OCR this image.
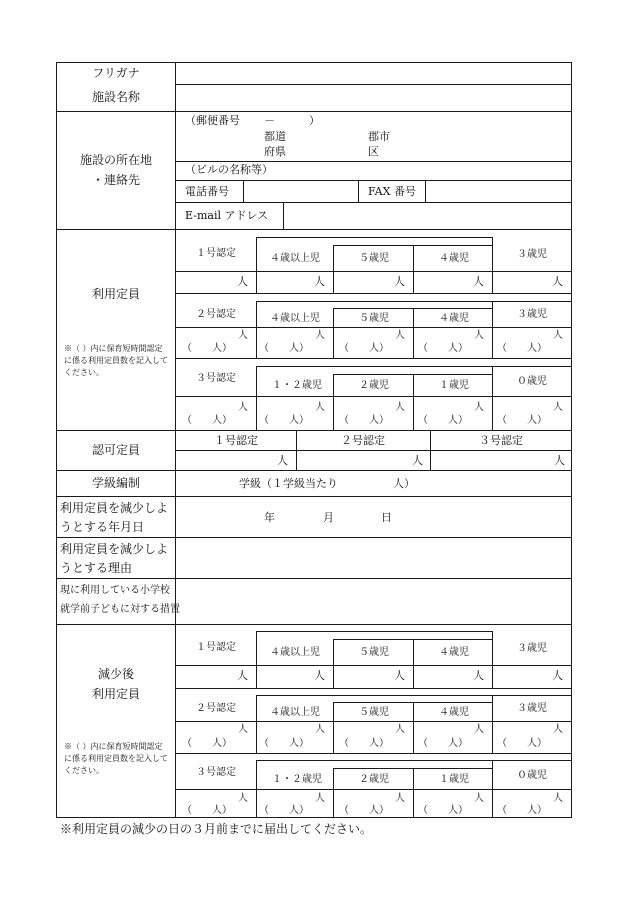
フリガナ
施設名称
施設の所在地
・連絡先
（郵便番号 －	）
都道
府県
郡市
区
（ビルの名称等）
電話番号	FAX 番号
E-mail アドレス
利用定員
※（ ）内に保育短時間認定に係る利用定員数を記入してください。
１号認定	４歳以上児	５歳児	４歳児	３歳児
人	人	人	人	人
２号認定	４歳以上児	５歳児	４歳児	３歳児
人	人	人	人	人
（　　人）	（　　人）	（　　人）	（　　人）	（　　人）
３号認定
１・２歳児	２歳児	１歳児	０歳児
人	人	人	人	人
（　　人）	（　　人）	（　　人）	（　　人）	（　　人）
認可定員
１号認定	２号認定	３号認定
人	人	人
学級編制	学級（１学級当たり　　　　　人）
利用定員を減少しよ
うとする年月日
年	月	日
利用定員を減少しよ
うとする理由
現に利用している小学校
就学前子どもに対する措置
減少後
利用定員
※（ ）内に保育短時間認定に係る利用定員数を記入してください。
１号認定	４歳以上児	５歳児	４歳児	３歳児
人	人	人	人	人
２号認定	４歳以上児	５歳児	４歳児	３歳児
人	人	人	人	人
（　　人）	（　　人）	（　　人）	（　　人）	（　　人）
３号認定
１・２歳児	２歳児	１歳児	０歳児
人	人	人	人	人
（　　人）	（　　人）	（　　人）	（　　人）	（　　人）
※利用定員の減少の日の３月前までに届出してください。
